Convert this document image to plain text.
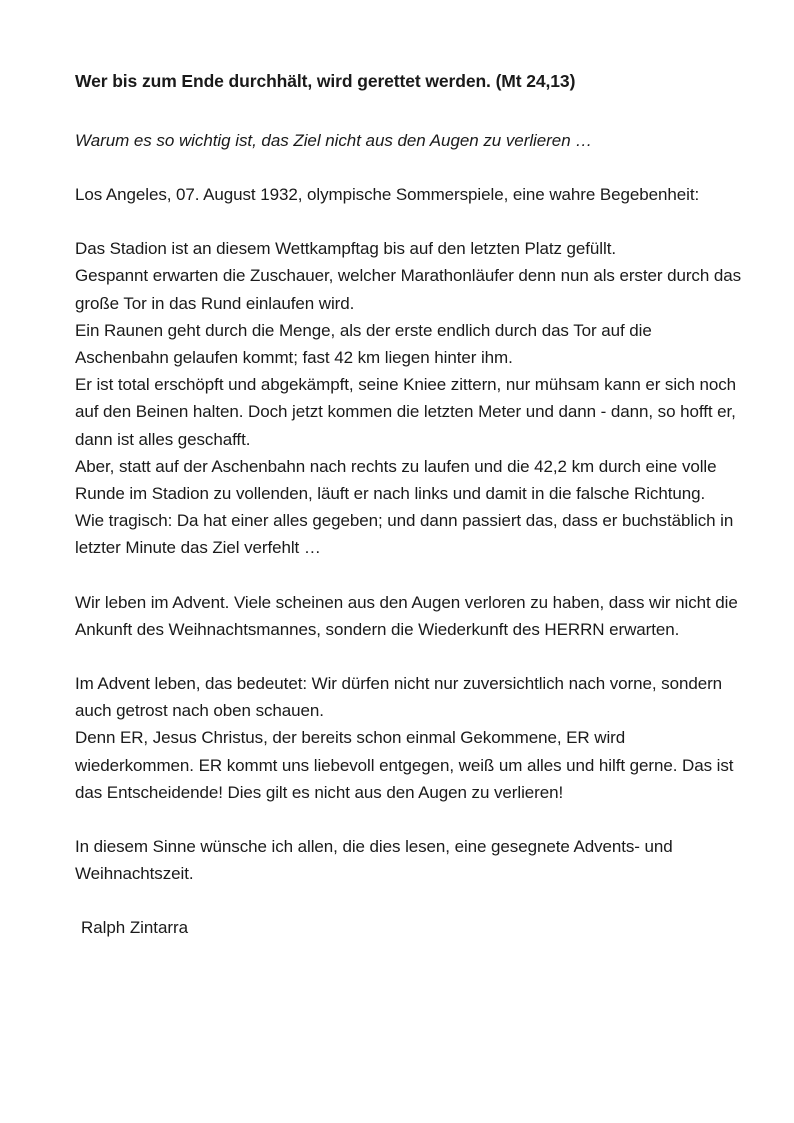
Wer bis zum Ende durchhält, wird gerettet werden. (Mt 24,13)

Warum es so wichtig ist, das Ziel nicht aus den Augen zu verlieren …

Los Angeles, 07. August 1932, olympische Sommerspiele, eine wahre Begebenheit:

Das Stadion ist an diesem Wettkampftag bis auf den letzten Platz gefüllt.
Gespannt erwarten die Zuschauer, welcher Marathonläufer denn nun als erster durch das große Tor in das Rund einlaufen wird.
Ein Raunen geht durch die Menge, als der erste endlich durch das Tor auf die Aschenbahn gelaufen kommt; fast 42 km liegen hinter ihm.
Er ist total erschöpft und abgekämpft, seine Kniee zittern, nur mühsam kann er sich noch auf den Beinen halten. Doch jetzt kommen die letzten Meter und dann - dann, so hofft er, dann ist alles geschafft.
Aber, statt auf der Aschenbahn nach rechts zu laufen und die 42,2 km durch eine volle Runde im Stadion zu vollenden, läuft er nach links und damit in die falsche Richtung.
Wie tragisch: Da hat einer alles gegeben; und dann passiert das, dass er buchstäblich in letzter Minute das Ziel verfehlt …

Wir leben im Advent. Viele scheinen aus den Augen verloren zu haben, dass wir nicht die Ankunft des Weihnachtsmannes, sondern die Wiederkunft des HERRN erwarten.

Im Advent leben, das bedeutet: Wir dürfen nicht nur zuversichtlich nach vorne, sondern auch getrost nach oben schauen.
Denn ER, Jesus Christus, der bereits schon einmal Gekommene, ER wird wiederkommen. ER kommt uns liebevoll entgegen, weiß um alles und hilft gerne. Das ist das Entscheidende! Dies gilt es nicht aus den Augen zu verlieren!

In diesem Sinne wünsche ich allen, die dies lesen, eine gesegnete Advents- und Weihnachtszeit.

Ralph Zintarra
